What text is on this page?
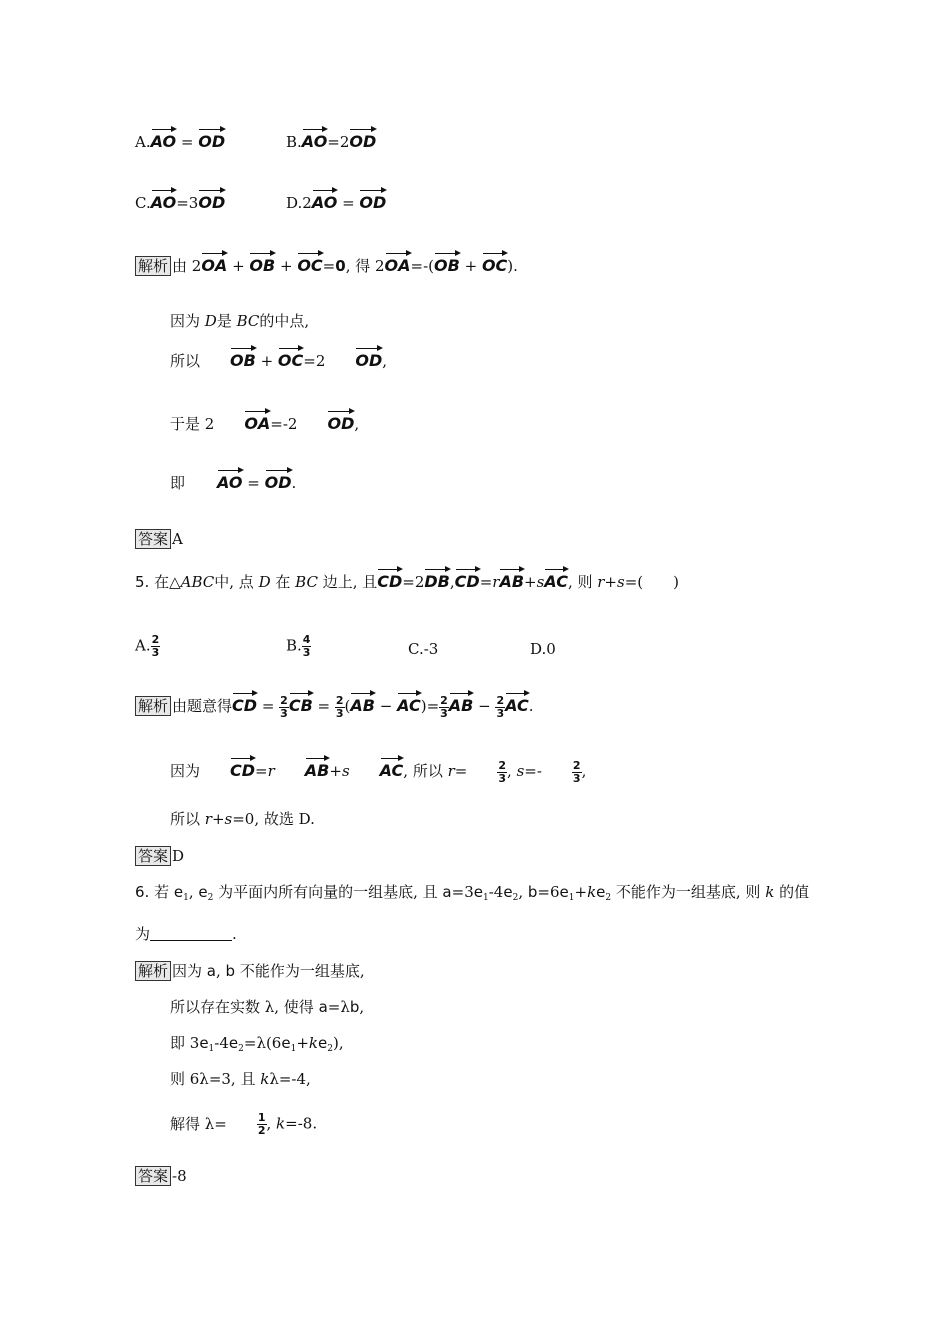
A.AO = OD	B.AO=2OD
C.AO=3OD	D.2AO = OD
解析 由 2OA + OB + OC=0, 得 2OA=-(OB + OC).
因为 D是 BC的中点,
所以 OB + OC=2 OD,
于是 2 OA=-2 OD,
即 AO = OD.
答案 A
5. 在△ABC中, 点 D 在 BC 边上, 且CD=2DB,CD=rAB+sAC, 则 r+s=(　　)
A. $\frac{2}{3}$	B. $\frac{4}{3}$	C.-3	D.0
解析 由题意得CD = $\frac{2}{3}$ CB = $\frac{2}{3} (AB - AC)= \frac{2}{3}$ AB − $\frac{2}{3}$ AC.
因为 CD=r AB+s AC, 所以 r=	$\frac{2}{3}$ , s=-	$\frac{2}{3}$ ,
所以 r+s=0, 故选 D.
答案 D
6. 若 $e_1$, $e_2$ 为平面内所有向量的一组基底, 且 $a=3e_1-4e_2$, $b=6e_1+ke_2$ 不能作为一组基底, 则 k 的值
为	.
解析 因为 a, b 不能作为一组基底,
所以存在实数 λ, 使得 a=λb,
即 $3e_1-4e_2=\lambda(6e_1+ke_2)$,
则 6λ=3, 且 kλ=-4,
解得 λ=	$\frac{1}{2}$ , k=-8.
答案 -8
